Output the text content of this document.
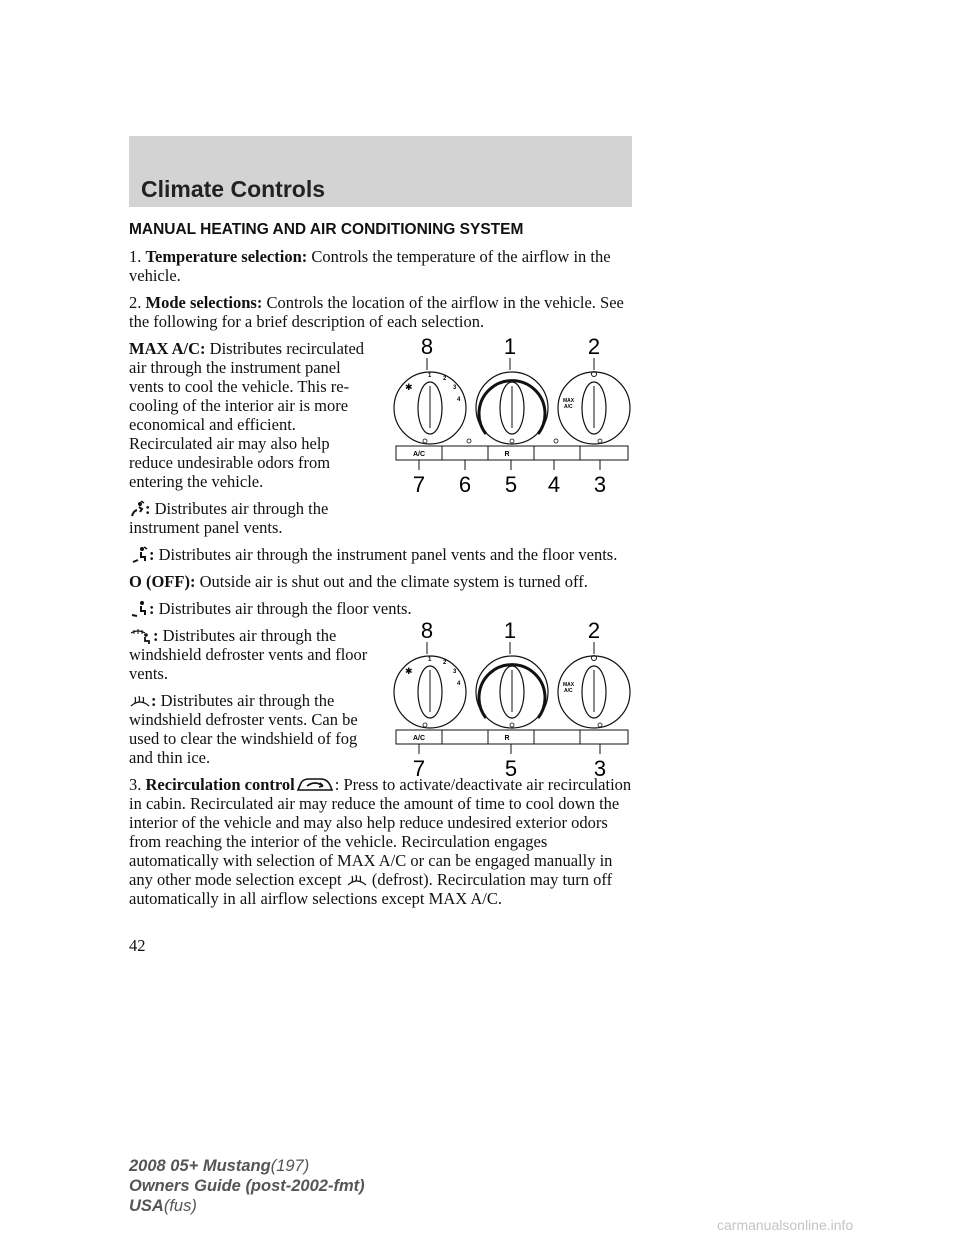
Climate Controls
MANUAL HEATING AND AIR CONDITIONING SYSTEM

1. Temperature selection: Controls the temperature of the airflow in the vehicle.

2. Mode selections: Controls the location of the airflow in the vehicle. See the following for a brief description of each selection.

MAX A/C: Distributes recirculated air through the instrument panel vents to cool the vehicle. This re-cooling of the interior air is more economical and efficient. Recirculated air may also help reduce undesirable odors from entering the vehicle.

: Distributes air through the instrument panel vents.

: Distributes air through the instrument panel vents and the floor vents.

O (OFF): Outside air is shut out and the climate system is turned off.

: Distributes air through the floor vents.

: Distributes air through the windshield defroster vents and floor vents.

: Distributes air through the windshield defroster vents. Can be used to clear the windshield of fog and thin ice.

3. Recirculation control : Press to activate/deactivate air recirculation in cabin. Recirculated air may reduce the amount of time to cool down the interior of the vehicle and may also help reduce undesired exterior odors from reaching the interior of the vehicle. Recirculation engages automatically with selection of MAX A/C or can be engaged manually in any other mode selection except (defrost). Recirculation may turn off automatically in all airflow selections except MAX A/C.

8	1	2
✱
1 2
3
4	MAX
A/C
A/C	R
7 6 5 4 3
8	1	2
✱
1 2
3
4	MAX
A/C
A/C	R
7	5	3
42
2008 05+ Mustang(197)
Owners Guide (post-2002-fmt)
USA(fus)
carmanualsonline.info
